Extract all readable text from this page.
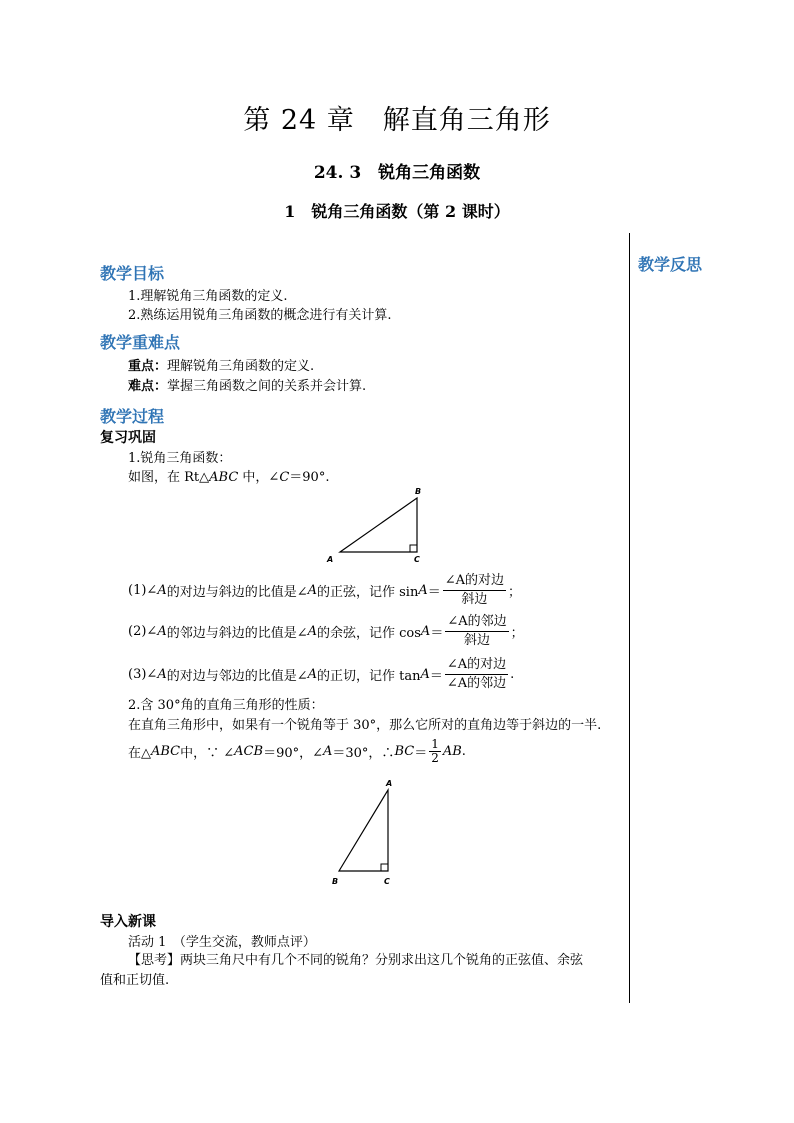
第 24 章　解直角三角形
24. 3　锐角三角函数
1　锐角三角函数（第 2 课时）
教学反思
教学目标
1.理解锐角三角函数的定义.
2.熟练运用锐角三角函数的概念进行有关计算.
教学重难点
重点：理解锐角三角函数的定义.
难点：掌握三角函数之间的关系并会计算.
教学过程
复习巩固
1.锐角三角函数：
如图，在 Rt△ABC 中，∠C＝90°.
A
B
C
(1)∠ A 的对边与斜边的比值是∠ A 的正弦，记作 $\sin A = \frac{\text{∠A的对边}}{\text{斜边}}$ ；
(2)∠ A 的邻边与斜边的比值是∠ A 的余弦，记作 $\cos A = \frac{\text{∠A的邻边}}{\text{斜边}}$ ；
(3)∠ A 的对边与邻边的比值是∠ A 的正切，记作 $\tan A = \frac{\text{∠A的对边}}{\text{∠A的邻边}}$ .
2.含 30°角的直角三角形的性质：
在直角三角形中，如果有一个锐角等于 30°，那么它所对的直角边等于斜边的一半.
在△ ABC 中，∵ ∠ ACB ＝90°，∠ A ＝30°，∴ BC ＝ $\frac{1}{2}$ AB .
A
B	C
导入新课
活动 1　（学生交流，教师点评）
【思考】两块三角尺中有几个不同的锐角？分别求出这几个锐角的正弦值、余弦
值和正切值.
